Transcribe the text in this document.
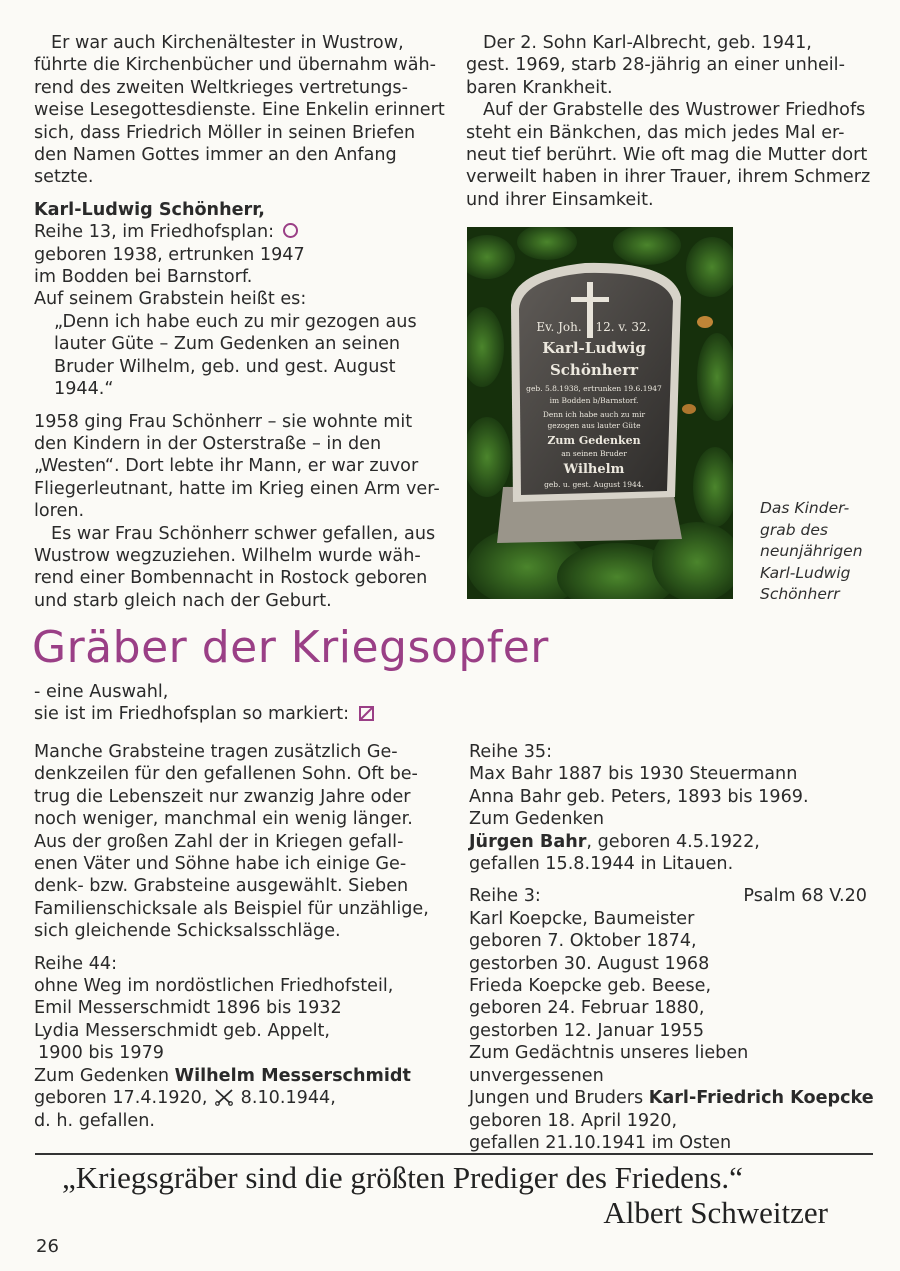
Er war auch Kirchenältester in Wustrow,
führte die Kirchenbücher und übernahm wäh-
rend des zweiten Weltkrieges vertretungs-
weise Lesegottesdienste. Eine Enkelin erinnert
sich, dass Friedrich Möller in seinen Briefen
den Namen Gottes immer an den Anfang
setzte.

Karl-Ludwig Schönherr,
Reihe 13, im Friedhofsplan:
geboren 1938, ertrunken 1947
im Bodden bei Barnstorf.
Auf seinem Grabstein heißt es:

„Denn ich habe euch zu mir gezogen aus
lauter Güte – Zum Gedenken an seinen
Bruder Wilhelm, geb. und gest. August
1944.“

1958 ging Frau Schönherr – sie wohnte mit
den Kindern in der Osterstraße – in den
„Westen“. Dort lebte ihr Mann, er war zuvor
Fliegerleutnant, hatte im Krieg einen Arm ver-
loren.

Es war Frau Schönherr schwer gefallen, aus
Wustrow wegzuziehen. Wilhelm wurde wäh-
rend einer Bombennacht in Rostock geboren
und starb gleich nach der Geburt.

Der 2. Sohn Karl-Albrecht, geb. 1941,
gest. 1969, starb 28-jährig an einer unheil-
baren Krankheit.

Auf der Grabstelle des Wustrower Friedhofs
steht ein Bänkchen, das mich jedes Mal er-
neut tief berührt. Wie oft mag die Mutter dort
verweilt haben in ihrer Trauer, ihrem Schmerz
und ihrer Einsamkeit.

Ev. Joh. 12. v. 32.
Karl-Ludwig
Schönherr
geb. 5.8.1938, ertrunken 19.6.1947
im Bodden b/Barnstorf.
Denn ich habe auch zu mir
gezogen aus lauter Güte
Zum Gedenken
an seinen Bruder
Wilhelm
geb. u. gest. August 1944.
Das Kinder-
grab des
neunjährigen
Karl-Ludwig
Schönherr
Gräber der Kriegsopfer
- eine Auswahl,
sie ist im Friedhofsplan so markiert:

Manche Grabsteine tragen zusätzlich Ge-
denkzeilen für den gefallenen Sohn. Oft be-
trug die Lebenszeit nur zwanzig Jahre oder
noch weniger, manchmal ein wenig länger.
Aus der großen Zahl der in Kriegen gefall-
enen Väter und Söhne habe ich einige Ge-
denk- bzw. Grabsteine ausgewählt. Sieben
Familienschicksale als Beispiel für unzählige,
sich gleichende Schicksalsschläge.

Reihe 44:
ohne Weg im nordöstlichen Friedhofsteil,
Emil Messerschmidt 1896 bis 1932
Lydia Messerschmidt geb. Appelt,
1900 bis 1979
Zum Gedenken Wilhelm Messerschmidt
geboren 17.4.1920, 8.10.1944,
d. h. gefallen.

Reihe 35:
Max Bahr 1887 bis 1930 Steuermann
Anna Bahr geb. Peters, 1893 bis 1969.
Zum Gedenken
Jürgen Bahr, geboren 4.5.1922,
gefallen 15.8.1944 in Litauen.

Reihe 3:	Psalm 68 V.20

Karl Koepcke, Baumeister
geboren 7. Oktober 1874,
gestorben 30. August 1968
Frieda Koepcke geb. Beese,
geboren 24. Februar 1880,
gestorben 12. Januar 1955
Zum Gedächtnis unseres lieben unvergessenen
Jungen und Bruders Karl-Friedrich Koepcke
geboren 18. April 1920,
gefallen 21.10.1941 im Osten

„Kriegsgräber sind die größten Prediger des Friedens.“
Albert Schweitzer
26
